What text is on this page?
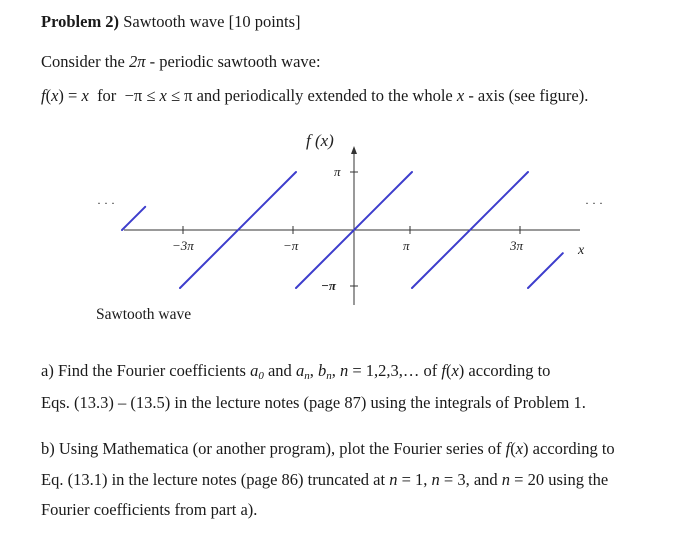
Problem 2) Sawtooth wave [10 points]
Consider the 2π - periodic sawtooth wave:
f(x) = x for −π ≤ x ≤ π and periodically extended to the whole x - axis (see figure).
f (x)
π
−π
−3π	−π	π	3π	x
· · ·	· · ·
Sawtooth wave
a) Find the Fourier coefficients $a_0$ and $a_n$, $b_n$, n = 1,2,3,… of f(x) according to
Eqs. (13.3) – (13.5) in the lecture notes (page 87) using the integrals of Problem 1.
b) Using Mathematica (or another program), plot the Fourier series of f(x) according to
Eq. (13.1) in the lecture notes (page 86) truncated at n = 1, n = 3, and n = 20 using the
Fourier coefficients from part a).
